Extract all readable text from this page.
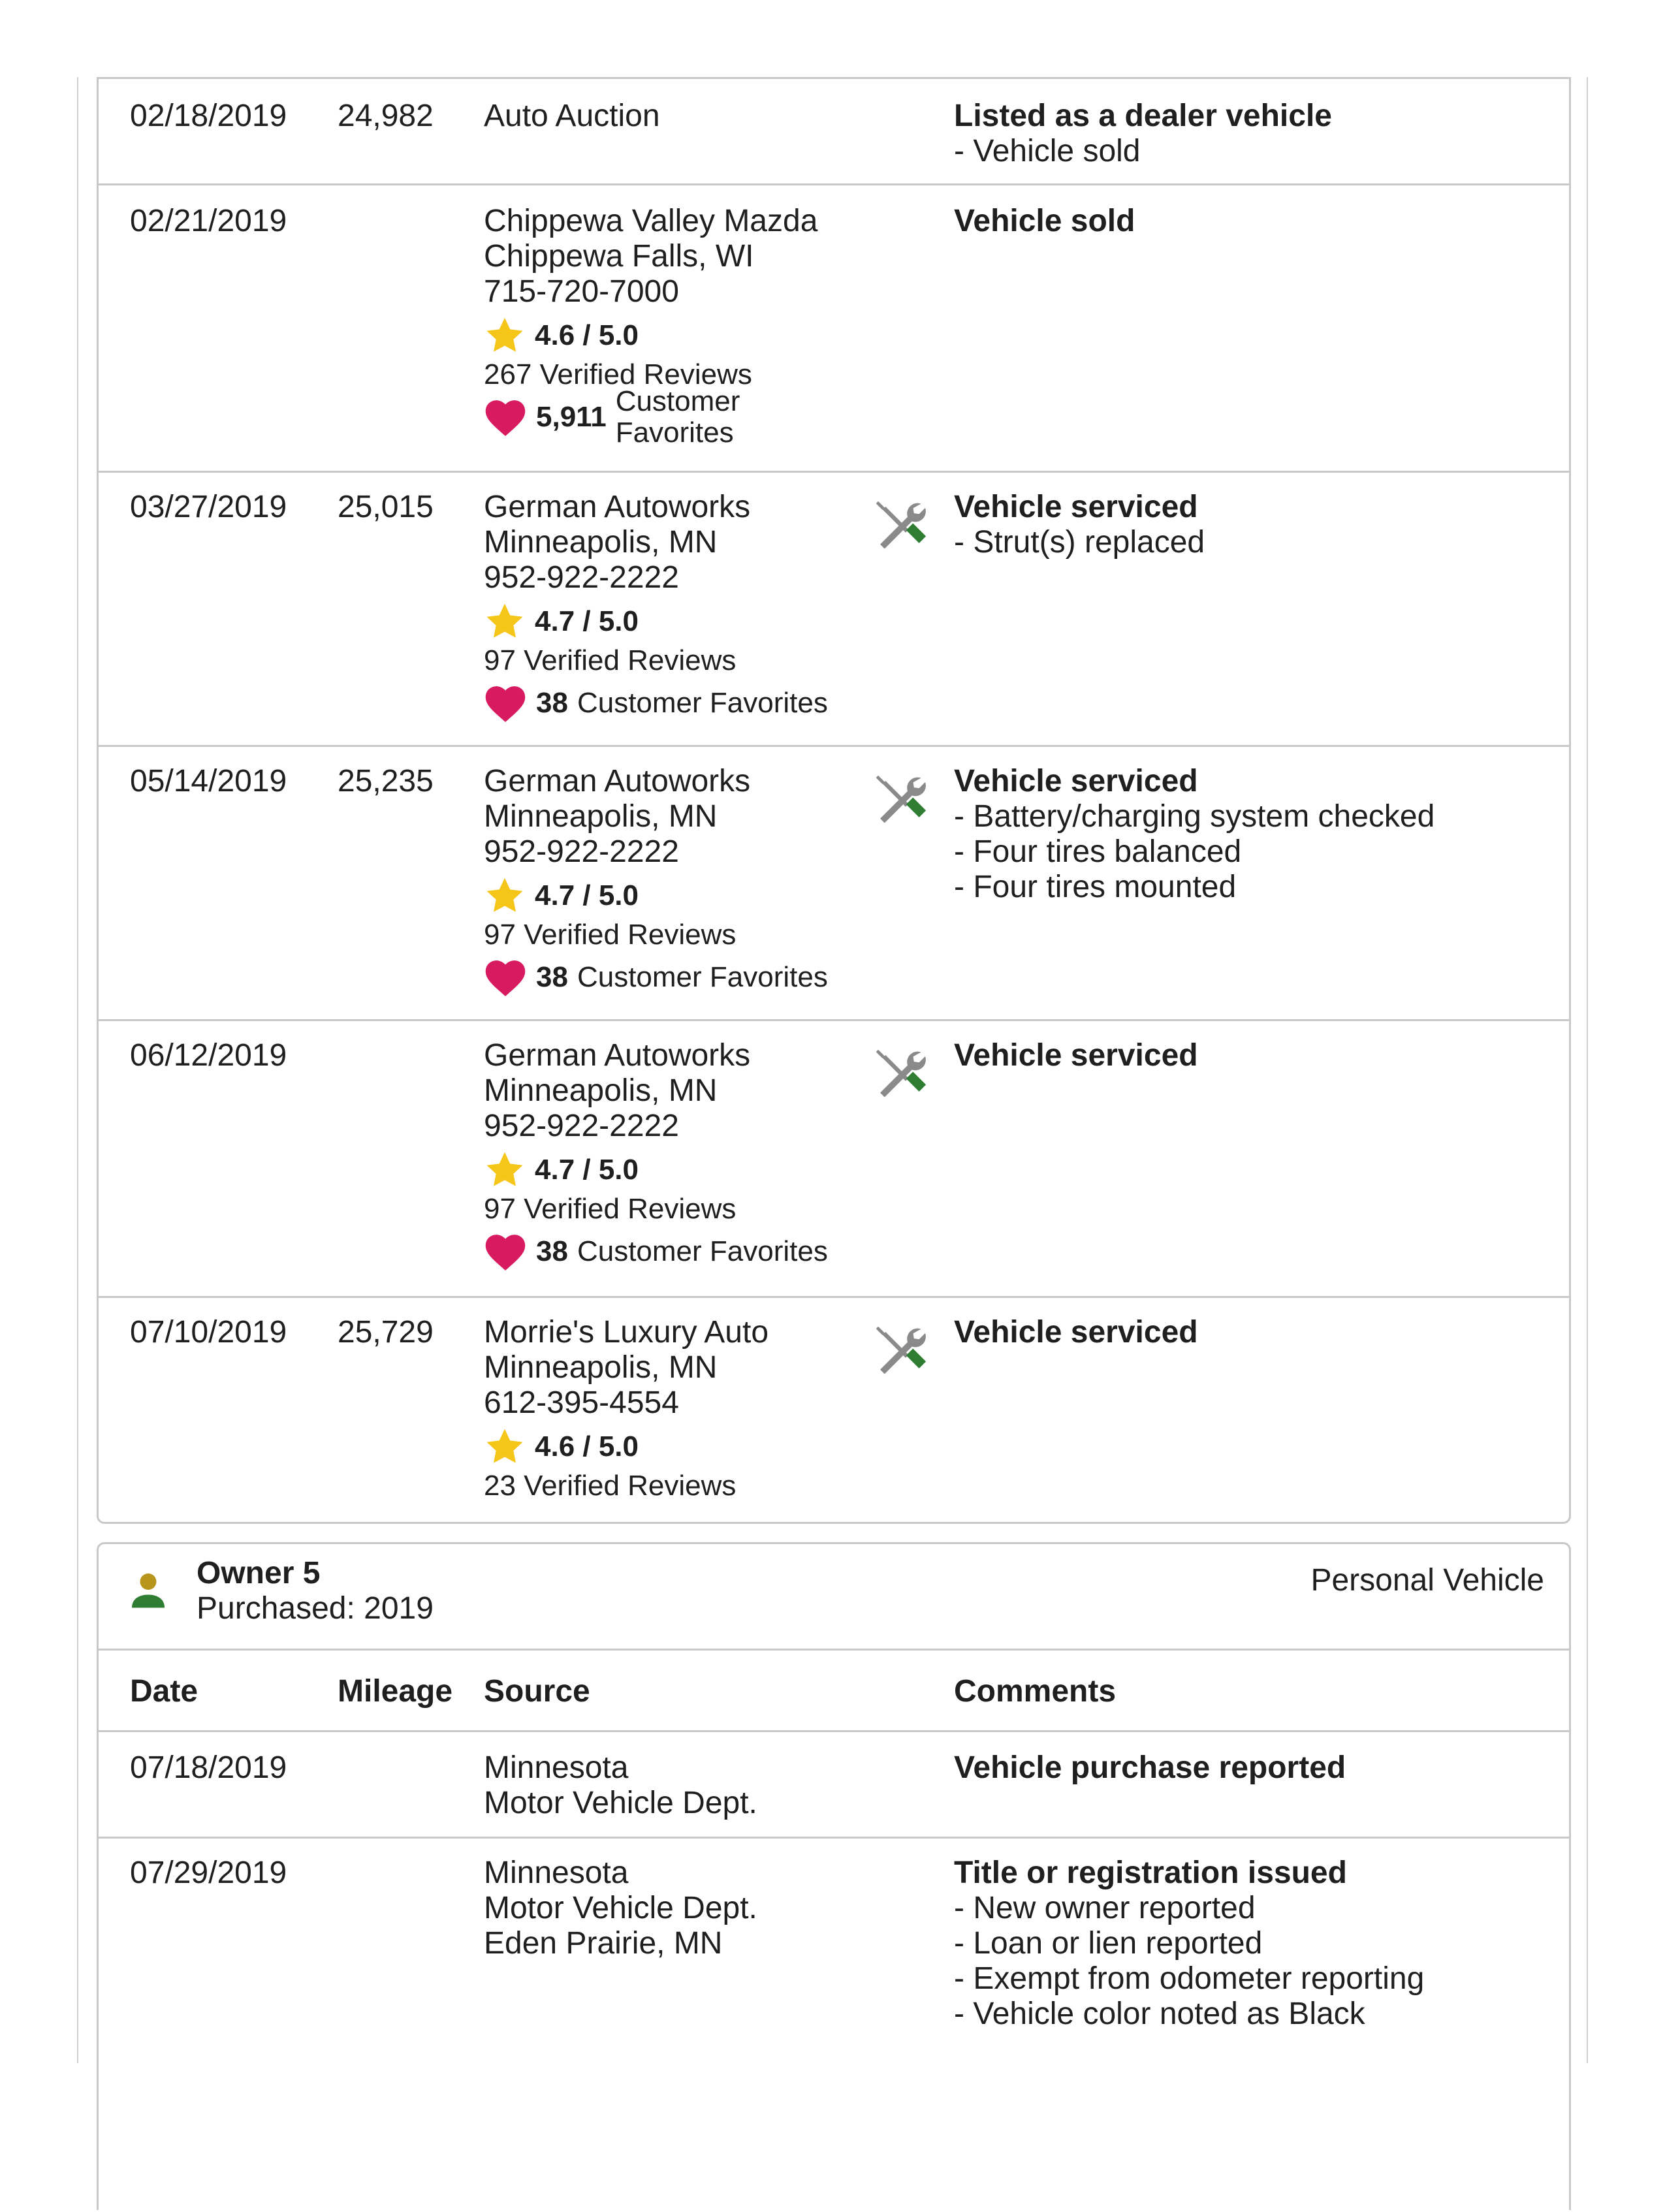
02/18/2019 24,982 Auto Auction	Listed as a dealer vehicle
- Vehicle sold
02/21/2019	Chippewa Valley Mazda
Chippewa Falls, WI
715-720-7000
4.6 / 5.0
267 Verified Reviews
5,911 Customer Favorites
Vehicle sold
03/27/2019 25,015 German Autoworks
Minneapolis, MN
952-922-2222
4.7 / 5.0
97 Verified Reviews
38 Customer Favorites
Vehicle serviced
- Strut(s) replaced
05/14/2019 25,235 German Autoworks
Minneapolis, MN
952-922-2222
4.7 / 5.0
97 Verified Reviews
38 Customer Favorites
Vehicle serviced
- Battery/charging system checked
- Four tires balanced
- Four tires mounted
06/12/2019	German Autoworks
Minneapolis, MN
952-922-2222
4.7 / 5.0
97 Verified Reviews
38 Customer Favorites
Vehicle serviced
07/10/2019 25,729 Morrie's Luxury Auto
Minneapolis, MN
612-395-4554
4.6 / 5.0
23 Verified Reviews
Vehicle serviced
Owner 5
Purchased: 2019
Personal Vehicle
Date	Mileage Source	Comments
07/18/2019	Minnesota
Motor Vehicle Dept.
Vehicle purchase reported
07/29/2019	Minnesota
Motor Vehicle Dept.
Eden Prairie, MN
Title or registration issued
- New owner reported
- Loan or lien reported
- Exempt from odometer reporting
- Vehicle color noted as Black
